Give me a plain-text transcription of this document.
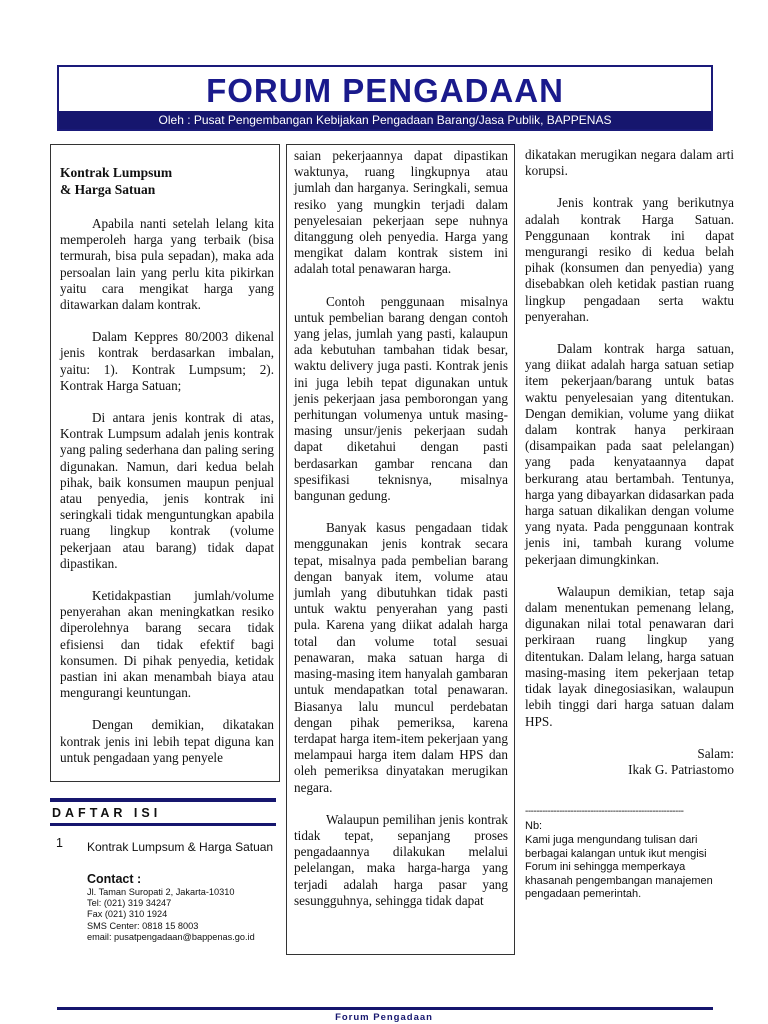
FORUM PENGADAAN
Oleh : Pusat Pengembangan Kebijakan Pengadaan Barang/Jasa Publik, BAPPENAS
Kontrak Lumpsum
& Harga Satuan

Apabila nanti setelah lelang kita memperoleh harga yang terbaik (bisa termurah, bisa pula sepadan), maka ada persoalan lain yang perlu kita pikirkan yaitu cara mengikat harga yang ditawarkan dalam kontrak.

Dalam Keppres 80/2003 dikenal jenis kontrak berdasarkan imbalan, yaitu: 1). Kontrak Lumpsum; 2). Kontrak Harga Satuan;

Di antara jenis kontrak di atas, Kontrak Lumpsum adalah jenis kontrak yang paling sederhana dan paling sering digunakan. Namun, dari kedua belah pihak, baik konsumen maupun penjual atau penyedia, jenis kontrak ini seringkali tidak menguntungkan apabila ruang lingkup kontrak (volume pekerjaan atau barang) tidak dapat dipastikan.

Ketidakpastian jumlah/volume penyerahan akan meningkatkan resiko diperolehnya barang secara tidak efisiensi dan tidak efektif bagi konsumen. Di pihak penyedia, ketidak pastian ini akan menambah biaya atau mengurangi keuntungan.

Dengan demikian, dikatakan kontrak jenis ini lebih tepat diguna kan untuk pengadaan yang penyele

saian pekerjaannya dapat dipastikan waktunya, ruang lingkupnya atau jumlah dan harganya. Seringkali, semua resiko yang mungkin terjadi dalam penyelesaian pekerjaan sepe nuhnya ditanggung oleh penyedia. Harga yang mengikat dalam kontrak sistem ini adalah total penawaran harga.

Contoh penggunaan misalnya untuk pembelian barang dengan contoh yang jelas, jumlah yang pasti, kalaupun ada kebutuhan tambahan tidak besar, waktu delivery juga pasti. Kontrak jenis ini juga lebih tepat digunakan untuk jenis pekerjaan jasa pemborongan yang perhitungan volumenya untuk masing-masing unsur/jenis pekerjaan sudah dapat diketahui dengan pasti berdasarkan gambar rencana dan spesifikasi teknisnya, misalnya bangunan gedung.

Banyak kasus pengadaan tidak menggunakan jenis kontrak secara tepat, misalnya pada pembelian barang dengan banyak item, volume atau jumlah yang dibutuhkan tidak pasti untuk waktu penyerahan yang pasti pula. Karena yang diikat adalah harga total dan volume total sesuai penawaran, maka satuan harga di masing-masing item hanyalah gambaran untuk mendapatkan total penawaran. Biasanya lalu muncul perdebatan dengan pihak pemeriksa, karena terdapat harga item-item pekerjaan yang melampaui harga item dalam HPS dan oleh pemeriksa dinyatakan merugikan negara.

Walaupun pemilihan jenis kontrak tidak tepat, sepanjang proses pengadaannya dilakukan melalui pelelangan, maka harga-harga yang terjadi adalah harga pasar yang sesungguhnya, sehingga tidak dapat

dikatakan merugikan negara dalam arti korupsi.

Jenis kontrak yang berikutnya adalah kontrak Harga Satuan. Penggunaan kontrak ini dapat mengurangi resiko di kedua belah pihak (konsumen dan penyedia) yang disebabkan oleh ketidak pastian ruang lingkup pengadaan serta waktu penyerahan.

Dalam kontrak harga satuan, yang diikat adalah harga satuan setiap item pekerjaan/barang untuk batas waktu penyelesaian yang ditentukan. Dengan demikian, volume yang diikat dalam kontrak hanya perkiraan (disampaikan pada saat pelelangan) yang pada kenyataannya dapat berkurang atau bertambah. Tentunya, harga yang dibayarkan didasarkan pada harga satuan dikalikan dengan volume yang nyata. Pada penggunaan kontrak jenis ini, tambah kurang volume pekerjaan dimungkinkan.

Walaupun demikian, tetap saja dalam menentukan pemenang lelang, digunakan nilai total penawaran dari perkiraan ruang lingkup yang ditentukan. Dalam lelang, harga satuan masing-masing item pekerjaan tetap tidak layak dinegosiasikan, walaupun lebih tinggi dari harga satuan dalam HPS.

Salam:
Ikak G. Patriastomo
--------------------------------------------------------
Nb:
Kami juga mengundang tulisan dari berbagai kalangan untuk ikut mengisi Forum ini sehingga memperkaya khasanah pengembangan manajemen pengadaan pemerintah.
DAFTAR ISI
1 Kontrak Lumpsum & Harga Satuan
Contact :
Jl. Taman Suropati 2, Jakarta-10310
Tel: (021) 319 34247
Fax (021) 310 1924
SMS Center: 0818 15 8003
email: pusatpengadaan@bappenas.go.id
Forum Pengadaan
